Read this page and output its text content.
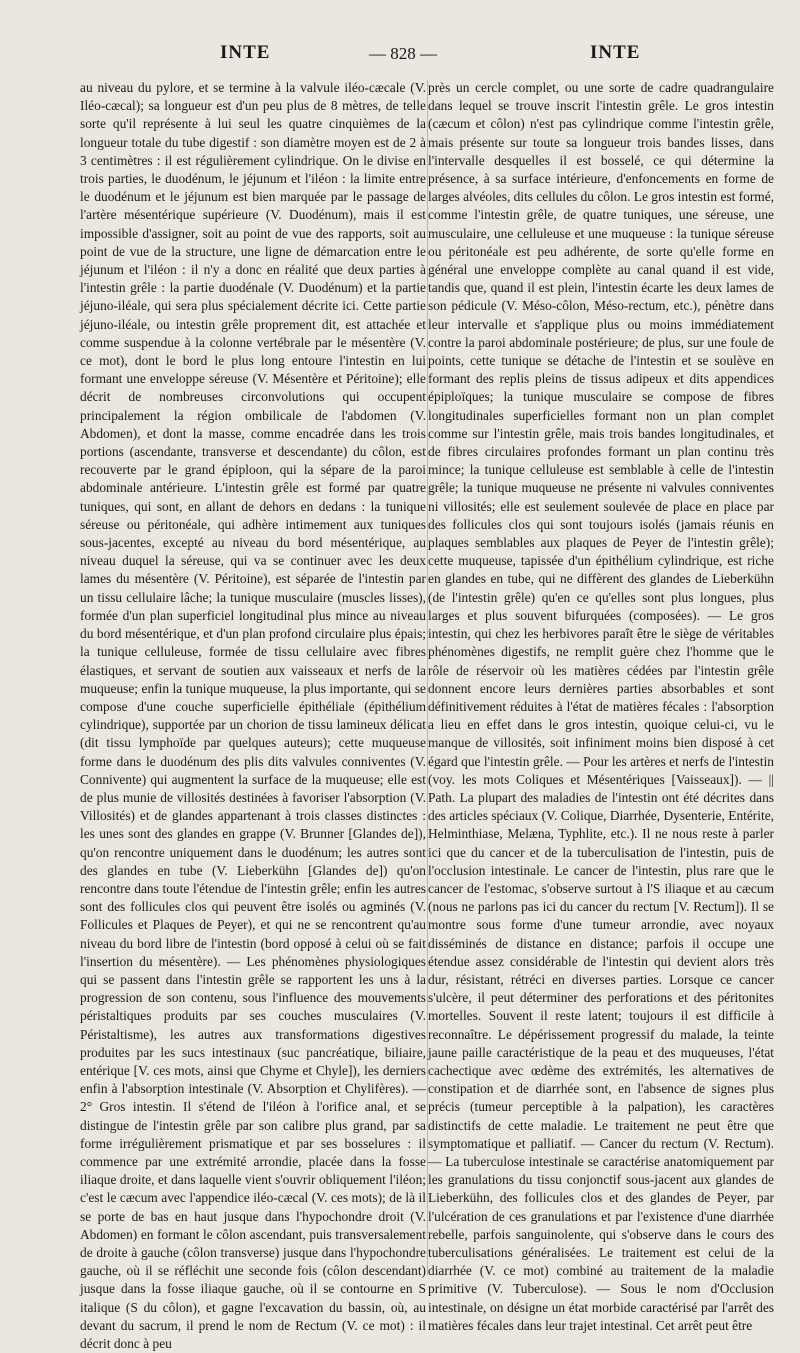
INTE	— 828 —	INTE

au niveau du pylore, et se termine à la valvule iléo-cæcale (V. Iléo-cæcal); sa longueur est d'un peu plus de 8 mètres, de telle sorte qu'il représente à lui seul les quatre cinquièmes de la longueur totale du tube digestif : son diamètre moyen est de 2 à 3 centimètres : il est régulièrement cylindrique. On le divise en trois parties, le duodénum, le jéjunum et l'iléon : la limite entre le duodénum et le jéjunum est bien marquée par le passage de l'artère mésentérique supérieure (V. Duodénum), mais il est impossible d'assigner, soit au point de vue des rapports, soit au point de vue de la structure, une ligne de démarcation entre le jéjunum et l'iléon : il n'y a donc en réalité que deux parties à l'intestin grêle : la partie duodénale (V. Duodénum) et la partie jéjuno-iléale, qui sera plus spécialement décrite ici. Cette partie jéjuno-iléale, ou intestin grêle proprement dit, est attachée et comme suspendue à la colonne vertébrale par le mésentère (V. ce mot), dont le bord le plus long entoure l'intestin en lui formant une enveloppe séreuse (V. Mésentère et Péritoine); elle décrit de nombreuses circonvolutions qui occupent principalement la région ombilicale de l'abdomen (V. Abdomen), et dont la masse, comme encadrée dans les trois portions (ascendante, transverse et descendante) du côlon, est recouverte par le grand épiploon, qui la sépare de la paroi abdominale antérieure. L'intestin grêle est formé par quatre tuniques, qui sont, en allant de dehors en dedans : la tunique séreuse ou péritonéale, qui adhère intimement aux tuniques sous-jacentes, excepté au niveau du bord mésentérique, au niveau duquel la séreuse, qui va se continuer avec les deux lames du mésentère (V. Péritoine), est séparée de l'intestin par un tissu cellulaire lâche; la tunique musculaire (muscles lisses), formée d'un plan superficiel longitudinal plus mince au niveau du bord mésentérique, et d'un plan profond circulaire plus épais; la tunique celluleuse, formée de tissu cellulaire avec fibres élastiques, et servant de soutien aux vaisseaux et nerfs de la muqueuse; enfin la tunique muqueuse, la plus importante, qui se compose d'une couche superficielle épithéliale (épithélium cylindrique), supportée par un chorion de tissu lamineux délicat (dit tissu lymphoïde par quelques auteurs); cette muqueuse forme dans le duodénum des plis dits valvules conniventes (V. Connivente) qui augmentent la surface de la muqueuse; elle est de plus munie de villosités destinées à favoriser l'absorption (V. Villosités) et de glandes appartenant à trois classes distinctes : les unes sont des glandes en grappe (V. Brunner [Glandes de]), qu'on rencontre uniquement dans le duodénum; les autres sont des glandes en tube (V. Lieberkühn [Glandes de]) qu'on rencontre dans toute l'étendue de l'intestin grêle; enfin les autres sont des follicules clos qui peuvent être isolés ou agminés (V. Follicules et Plaques de Peyer), et qui ne se rencontrent qu'au niveau du bord libre de l'intestin (bord opposé à celui où se fait l'insertion du mésentère). — Les phénomènes physiologiques qui se passent dans l'intestin grêle se rapportent les uns à la progression de son contenu, sous l'influence des mouvements péristaltiques produits par ses couches musculaires (V. Péristaltisme), les autres aux transformations digestives produites par les sucs intestinaux (suc pancréatique, biliaire, entérique [V. ces mots, ainsi que Chyme et Chyle]), les derniers enfin à l'absorption intestinale (V. Absorption et Chylifères). — 2° Gros intestin. Il s'étend de l'iléon à l'orifice anal, et se distingue de l'intestin grêle par son calibre plus grand, par sa forme irrégulièrement prismatique et par ses bosselures : il commence par une extrémité arrondie, placée dans la fosse iliaque droite, et dans laquelle vient s'ouvrir obliquement l'iléon; c'est le cæcum avec l'appendice iléo-cæcal (V. ces mots); de là il se porte de bas en haut jusque dans l'hypochondre droit (V. Abdomen) en formant le côlon ascendant, puis transversalement de droite à gauche (côlon transverse) jusque dans l'hypochondre gauche, où il se réfléchit une seconde fois (côlon descendant) jusque dans la fosse iliaque gauche, où il se contourne en S italique (S du côlon), et gagne l'excavation du bassin, où, au devant du sacrum, il prend le nom de Rectum (V. ce mot) : il décrit donc à peu

près un cercle complet, ou une sorte de cadre quadrangulaire dans lequel se trouve inscrit l'intestin grêle. Le gros intestin (cæcum et côlon) n'est pas cylindrique comme l'intestin grêle, mais présente sur toute sa longueur trois bandes lisses, dans l'intervalle desquelles il est bosselé, ce qui détermine la présence, à sa surface intérieure, d'enfoncements en forme de larges alvéoles, dits cellules du côlon. Le gros intestin est formé, comme l'intestin grêle, de quatre tuniques, une séreuse, une musculaire, une celluleuse et une muqueuse : la tunique séreuse ou péritonéale est peu adhérente, de sorte qu'elle forme en général une enveloppe complète au canal quand il est vide, tandis que, quand il est plein, l'intestin écarte les deux lames de son pédicule (V. Méso-côlon, Méso-rectum, etc.), pénètre dans leur intervalle et s'applique plus ou moins immédiatement contre la paroi abdominale postérieure; de plus, sur une foule de points, cette tunique se détache de l'intestin et se soulève en formant des replis pleins de tissus adipeux et dits appendices épiploïques; la tunique musculaire se compose de fibres longitudinales superficielles formant non un plan complet comme sur l'intestin grêle, mais trois bandes longitudinales, et de fibres circulaires profondes formant un plan continu très mince; la tunique celluleuse est semblable à celle de l'intestin grêle; la tunique muqueuse ne présente ni valvules conniventes ni villosités; elle est seulement soulevée de place en place par des follicules clos qui sont toujours isolés (jamais réunis en plaques semblables aux plaques de Peyer de l'intestin grêle); cette muqueuse, tapissée d'un épithélium cylindrique, est riche en glandes en tube, qui ne diffèrent des glandes de Lieberkühn (de l'intestin grêle) qu'en ce qu'elles sont plus longues, plus larges et plus souvent bifurquées (composées). — Le gros intestin, qui chez les herbivores paraît être le siège de véritables phénomènes digestifs, ne remplit guère chez l'homme que le rôle de réservoir où les matières cédées par l'intestin grêle donnent encore leurs dernières parties absorbables et sont définitivement réduites à l'état de matières fécales : l'absorption a lieu en effet dans le gros intestin, quoique celui-ci, vu le manque de villosités, soit infiniment moins bien disposé à cet égard que l'intestin grêle. — Pour les artères et nerfs de l'intestin (voy. les mots Coliques et Mésentériques [Vaisseaux]). — || Path. La plupart des maladies de l'intestin ont été décrites dans des articles spéciaux (V. Colique, Diarrhée, Dysenterie, Entérite, Helminthiase, Melæna, Typhlite, etc.). Il ne nous reste à parler ici que du cancer et de la tuberculisation de l'intestin, puis de l'occlusion intestinale. Le cancer de l'intestin, plus rare que le cancer de l'estomac, s'observe surtout à l'S iliaque et au cæcum (nous ne parlons pas ici du cancer du rectum [V. Rectum]). Il se montre sous forme d'une tumeur arrondie, avec noyaux disséminés de distance en distance; parfois il occupe une étendue assez considérable de l'intestin qui devient alors très dur, résistant, rétréci en diverses parties. Lorsque ce cancer s'ulcère, il peut déterminer des perforations et des péritonites mortelles. Souvent il reste latent; toujours il est difficile à reconnaître. Le dépérissement progressif du malade, la teinte jaune paille caractéristique de la peau et des muqueuses, l'état cachectique avec œdème des extrémités, les alternatives de constipation et de diarrhée sont, en l'absence de signes plus précis (tumeur perceptible à la palpation), les caractères distinctifs de cette maladie. Le traitement ne peut être que symptomatique et palliatif. — Cancer du rectum (V. Rectum). — La tuberculose intestinale se caractérise anatomiquement par les granulations du tissu conjonctif sous-jacent aux glandes de Lieberkühn, des follicules clos et des glandes de Peyer, par l'ulcération de ces granulations et par l'existence d'une diarrhée rebelle, parfois sanguinolente, qui s'observe dans le cours des tuberculisations généralisées. Le traitement est celui de la diarrhée (V. ce mot) combiné au traitement de la maladie primitive (V. Tuberculose). — Sous le nom d'Occlusion intestinale, on désigne un état morbide caractérisé par l'arrêt des matières fécales dans leur trajet intestinal. Cet arrêt peut être
